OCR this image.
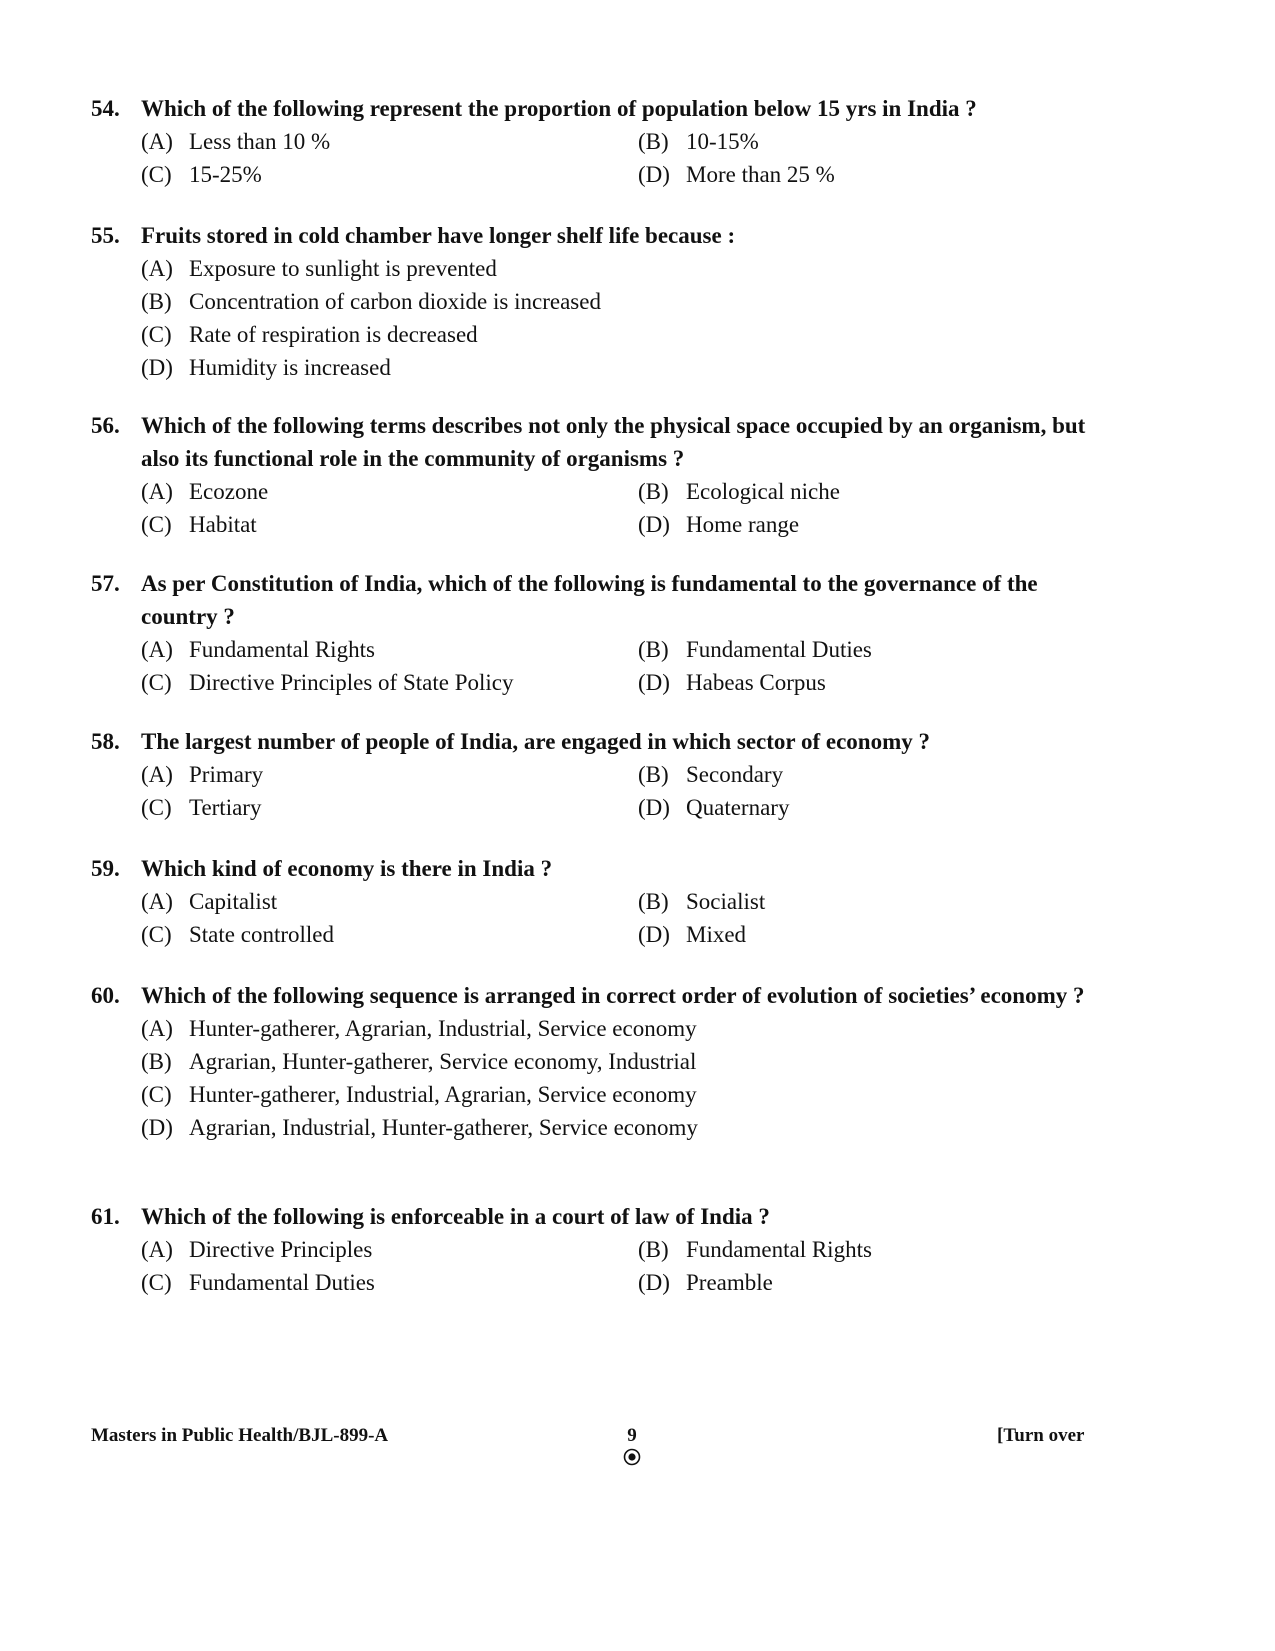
54. Which of the following represent the proportion of population below 15 yrs in India ?
(A) Less than 10 %	(B) 10-15%
(C) 15-25%	(D) More than 25 %
55. Fruits stored in cold chamber have longer shelf life because :
(A) Exposure to sunlight is prevented
(B) Concentration of carbon dioxide is increased
(C) Rate of respiration is decreased
(D) Humidity is increased
56. Which of the following terms describes not only the physical space occupied by an organism, but also its functional role in the community of organisms ?
(A) Ecozone	(B) Ecological niche
(C) Habitat	(D) Home range
57. As per Constitution of India, which of the following is fundamental to the governance of the country ?
(A) Fundamental Rights	(B) Fundamental Duties
(C) Directive Principles of State Policy	(D) Habeas Corpus
58. The largest number of people of India, are engaged in which sector of economy ?
(A) Primary	(B) Secondary
(C) Tertiary	(D) Quaternary
59. Which kind of economy is there in India ?
(A) Capitalist	(B) Socialist
(C) State controlled	(D) Mixed
60. Which of the following sequence is arranged in correct order of evolution of societies’ economy ?
(A) Hunter-gatherer, Agrarian, Industrial, Service economy
(B) Agrarian, Hunter-gatherer, Service economy, Industrial
(C) Hunter-gatherer, Industrial, Agrarian, Service economy
(D) Agrarian, Industrial, Hunter-gatherer, Service economy
61. Which of the following is enforceable in a court of law of India ?
(A) Directive Principles	(B) Fundamental Rights
(C) Fundamental Duties	(D) Preamble
Masters in Public Health/BJL-899-A	9	[Turn over
